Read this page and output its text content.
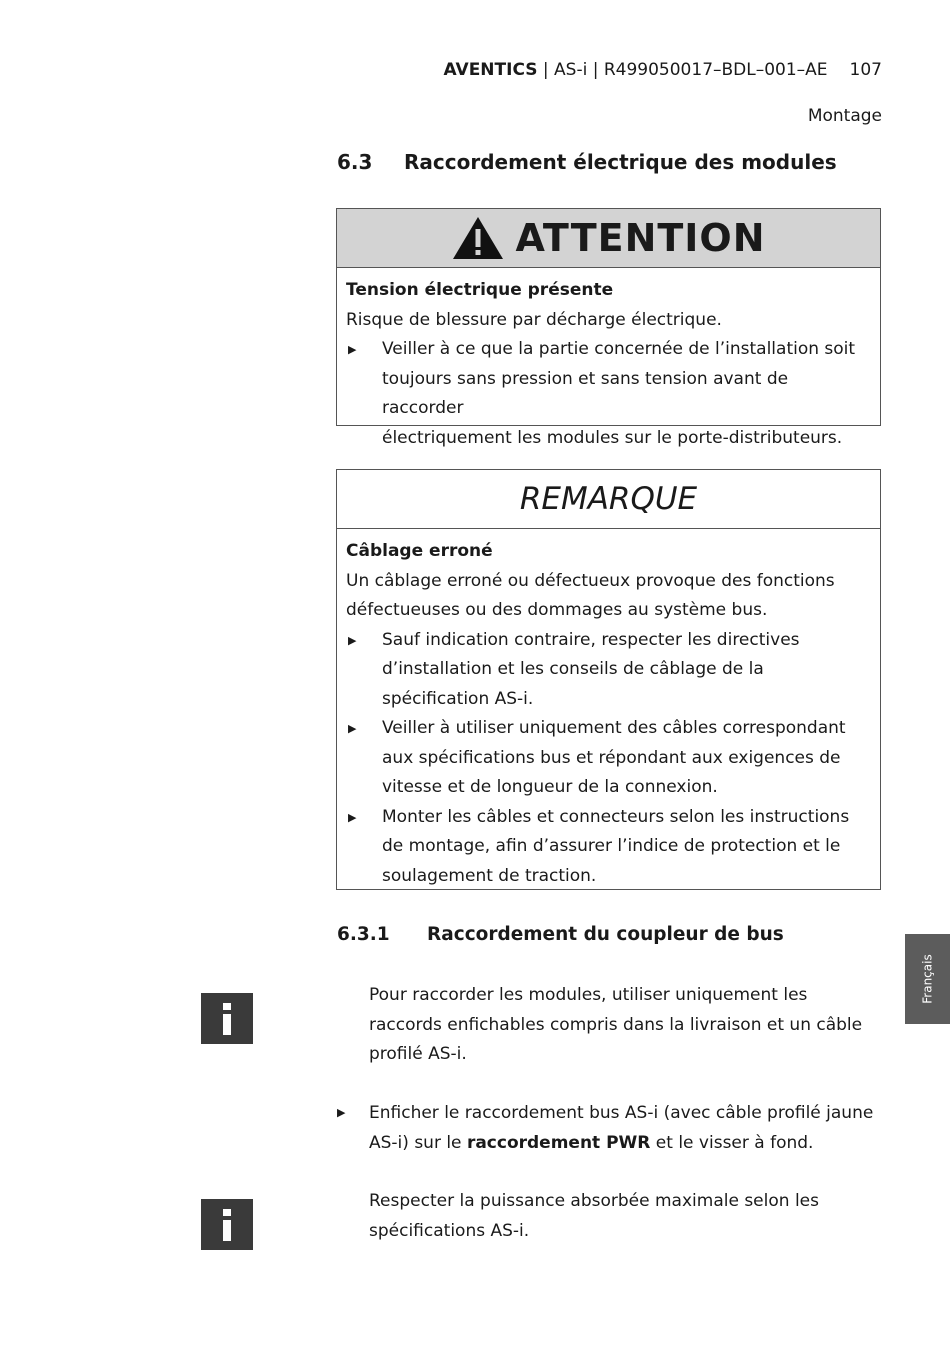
AVENTICS | AS-i | R499050017–BDL–001–AE 107
Montage
6.3 Raccordement électrique des modules
ATTENTION
Tension électrique présente
Risque de blessure par décharge électrique.
▶ Veiller à ce que la partie concernée de l’installation soit
toujours sans pression et sans tension avant de raccorder
électriquement les modules sur le porte-distributeurs.
REMARQUE
Câblage erroné
Un câblage erroné ou défectueux provoque des fonctions
défectueuses ou des dommages au système bus.
▶ Sauf indication contraire, respecter les directives
d’installation et les conseils de câblage de la
spécification AS-i.
▶ Veiller à utiliser uniquement des câbles correspondant
aux spécifications bus et répondant aux exigences de
vitesse et de longueur de la connexion.
▶ Monter les câbles et connecteurs selon les instructions
de montage, afin d’assurer l’indice de protection et le
soulagement de traction.
6.3.1 Raccordement du coupleur de bus
Pour raccorder les modules, utiliser uniquement les
raccords enfichables compris dans la livraison et un câble
profilé AS-i.
▶ Enficher le raccordement bus AS-i (avec câble profilé jaune
AS-i) sur le raccordement PWR et le visser à fond.
Respecter la puissance absorbée maximale selon les
spécifications AS-i.
Français
